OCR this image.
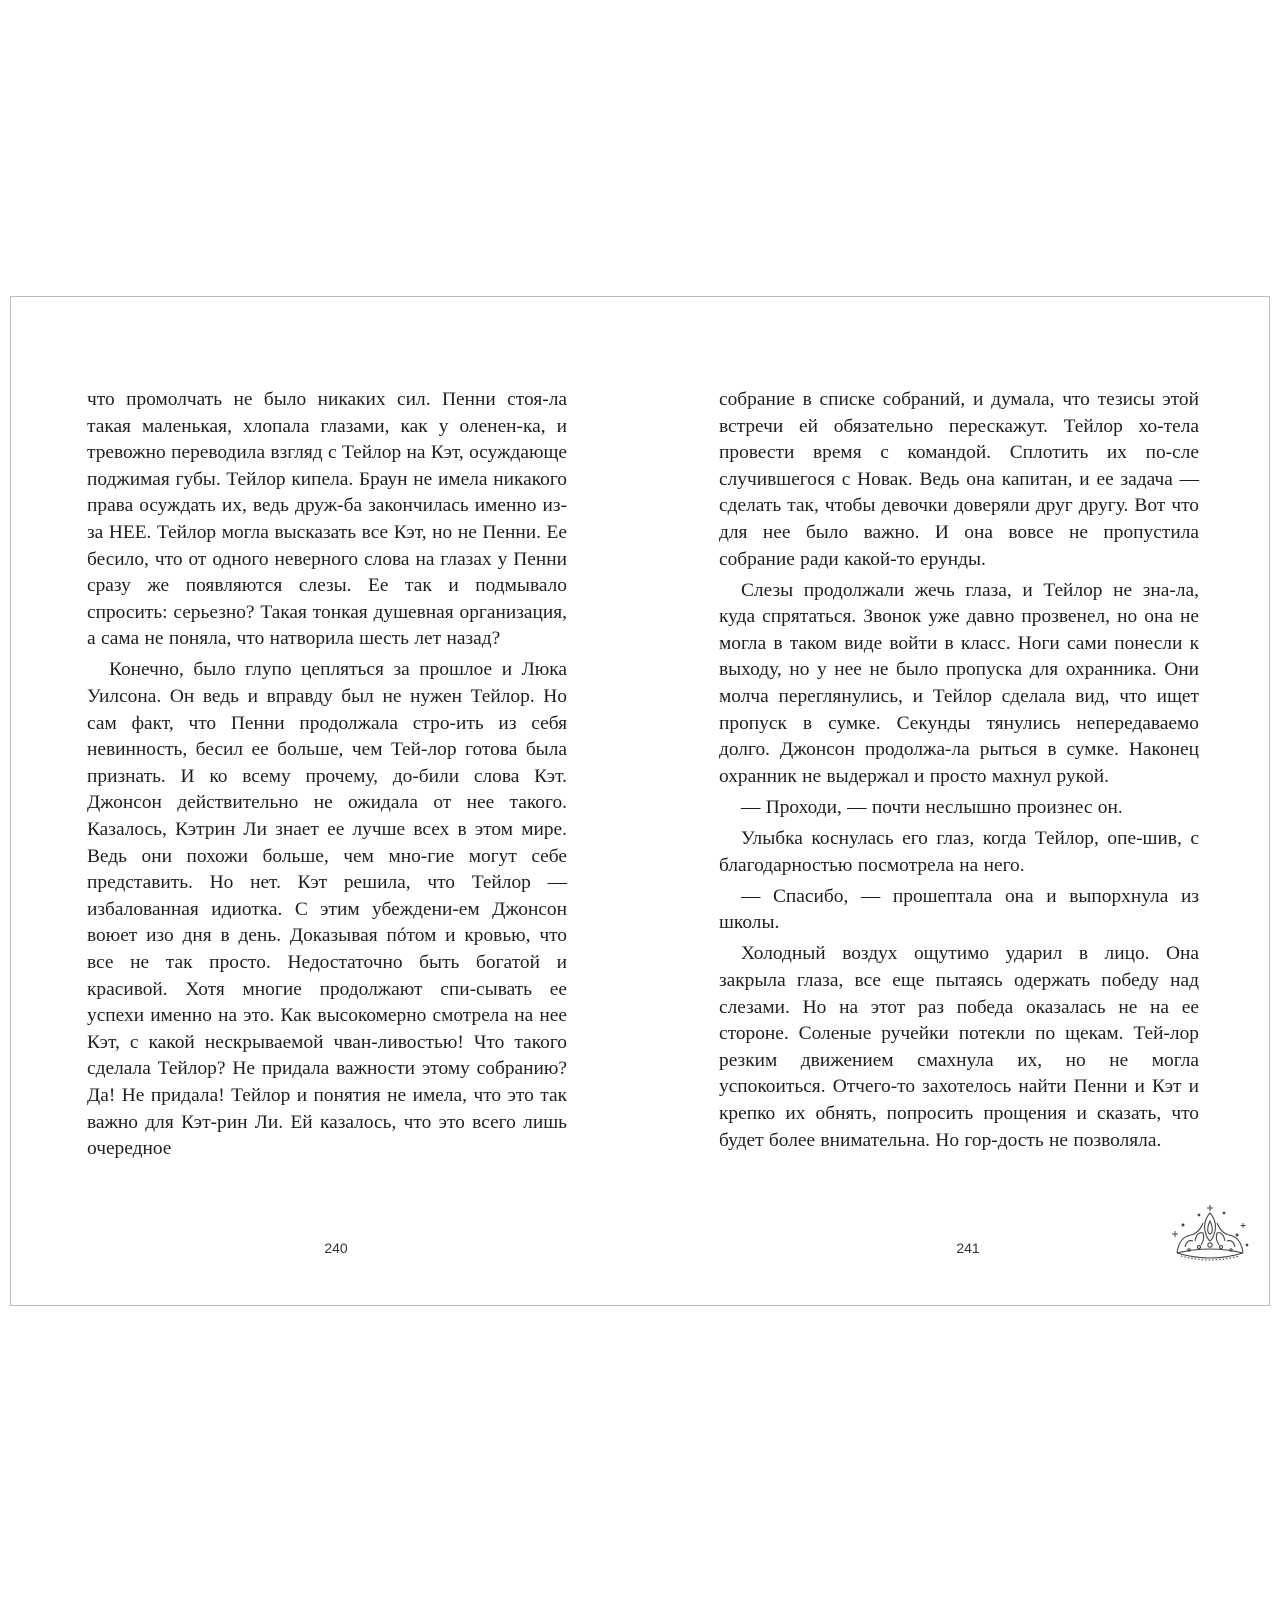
что промолчать не было никаких сил. Пенни стоя-ла такая маленькая, хлопала глазами, как у оленен-ка, и тревожно переводила взгляд с Тейлор на Кэт, осуждающе поджимая губы. Тейлор кипела. Браун не имела никакого права осуждать их, ведь друж-ба закончилась именно из-за НЕЕ. Тейлор могла высказать все Кэт, но не Пенни. Ее бесило, что от одного неверного слова на глазах у Пенни сразу же появляются слезы. Ее так и подмывало спросить: серьезно? Такая тонкая душевная организация, а сама не поняла, что натворила шесть лет назад?

Конечно, было глупо цепляться за прошлое и Люка Уилсона. Он ведь и вправду был не нужен Тейлор. Но сам факт, что Пенни продолжала стро-ить из себя невинность, бесил ее больше, чем Тей-лор готова была признать. И ко всему прочему, до-били слова Кэт. Джонсон действительно не ожидала от нее такого. Казалось, Кэтрин Ли знает ее лучше всех в этом мире. Ведь они похожи больше, чем мно-гие могут себе представить. Но нет. Кэт решила, что Тейлор — избалованная идиотка. С этим убеждени-ем Джонсон воюет изо дня в день. Доказывая пóтом и кровью, что все не так просто. Недостаточно быть богатой и красивой. Хотя многие продолжают спи-сывать ее успехи именно на это. Как высокомерно смотрела на нее Кэт, с какой нескрываемой чван-ливостью! Что такого сделала Тейлор? Не придала важности этому собранию? Да! Не придала! Тейлор и понятия не имела, что это так важно для Кэт-рин Ли. Ей казалось, что это всего лишь очередное

240

собрание в списке собраний, и думала, что тезисы этой встречи ей обязательно перескажут. Тейлор хо-тела провести время с командой. Сплотить их по-сле случившегося с Новак. Ведь она капитан, и ее задача — сделать так, чтобы девочки доверяли друг другу. Вот что для нее было важно. И она вовсе не пропустила собрание ради какой-то ерунды.

Слезы продолжали жечь глаза, и Тейлор не зна-ла, куда спрятаться. Звонок уже давно прозвенел, но она не могла в таком виде войти в класс. Ноги сами понесли к выходу, но у нее не было пропуска для охранника. Они молча переглянулись, и Тейлор сделала вид, что ищет пропуск в сумке. Секунды тянулись непередаваемо долго. Джонсон продолжа-ла рыться в сумке. Наконец охранник не выдержал и просто махнул рукой.

— Проходи, — почти неслышно произнес он.

Улыбка коснулась его глаз, когда Тейлор, опе-шив, с благодарностью посмотрела на него.

— Спасибо, — прошептала она и выпорхнула из школы.

Холодный воздух ощутимо ударил в лицо. Она закрыла глаза, все еще пытаясь одержать победу над слезами. Но на этот раз победа оказалась не на ее стороне. Соленые ручейки потекли по щекам. Тей-лор резким движением смахнула их, но не могла успокоиться. Отчего-то захотелось найти Пенни и Кэт и крепко их обнять, попросить прощения и сказать, что будет более внимательна. Но гор-дость не позволяла.

241
